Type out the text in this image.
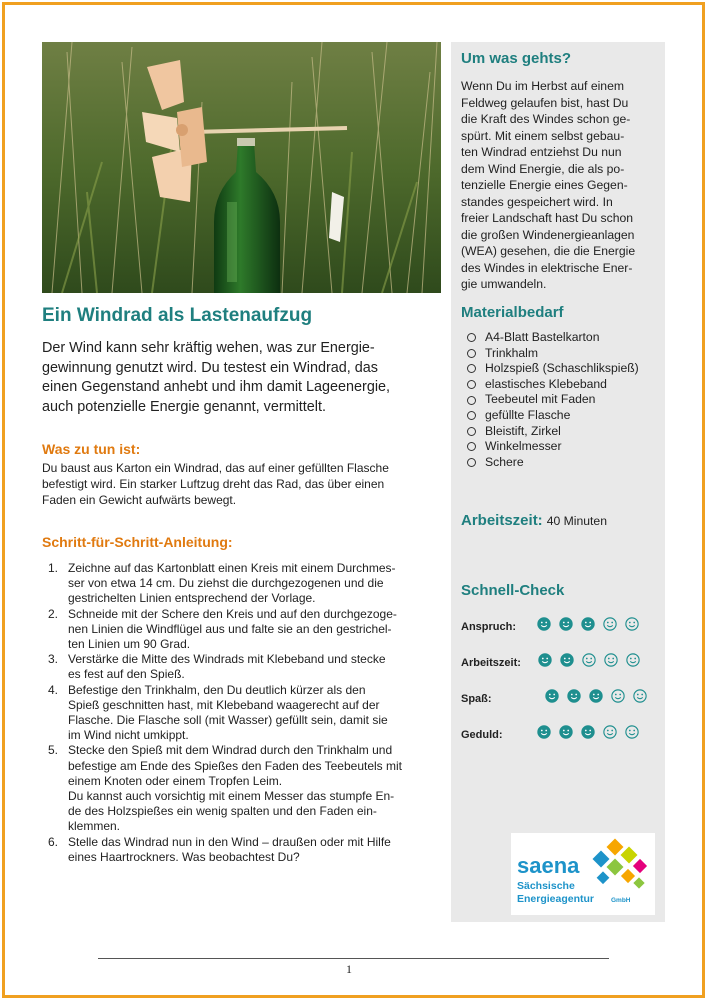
Um was gehts?
Wenn Du im Herbst auf einem
Feldweg gelaufen bist, hast Du
die Kraft des Windes schon ge-
spürt. Mit einem selbst gebau-
ten Windrad entziehst Du nun
dem Wind Energie, die als po-
tenzielle Energie eines Gegen-
standes gespeichert wird. In
freier Landschaft hast Du schon
die großen Windenergieanlagen
(WEA) gesehen, die die Energie
des Windes in elektrische Ener-
gie umwandeln.
Materialbedarf
A4-Blatt Bastelkarton
Trinkhalm
Holzspieß (Schaschlikspieß)
elastisches Klebeband
Teebeutel mit Faden
gefüllte Flasche
Bleistift, Zirkel
Winkelmesser
Schere
Arbeitszeit: 40 Minuten
Schnell-Check
Anspruch:
Arbeitszeit:
Spaß:
Geduld:
saena
Sächsische
Energieagentur	GmbH
Ein Windrad als Lastenaufzug
Der Wind kann sehr kräftig wehen, was zur Energie-
gewinnung genutzt wird. Du testest ein Windrad, das
einen Gegenstand anhebt und ihm damit Lageenergie,
auch potenzielle Energie genannt, vermittelt.
Was zu tun ist:
Du baust aus Karton ein Windrad, das auf einer gefüllten Flasche
befestigt wird. Ein starker Luftzug dreht das Rad, das über einen
Faden ein Gewicht aufwärts bewegt.
Schritt-für-Schritt-Anleitung:
1. Zeichne auf das Kartonblatt einen Kreis mit einem Durchmes-
ser von etwa 14 cm. Du ziehst die durchgezogenen und die
gestrichelten Linien entsprechend der Vorlage.
2. Schneide mit der Schere den Kreis und auf den durchgezoge-
nen Linien die Windflügel aus und falte sie an den gestrichel-
ten Linien um 90 Grad.
3. Verstärke die Mitte des Windrads mit Klebeband und stecke
es fest auf den Spieß.
4. Befestige den Trinkhalm, den Du deutlich kürzer als den
Spieß geschnitten hast, mit Klebeband waagerecht auf der
Flasche. Die Flasche soll (mit Wasser) gefüllt sein, damit sie
im Wind nicht umkippt.
5. Stecke den Spieß mit dem Windrad durch den Trinkhalm und
befestige am Ende des Spießes den Faden des Teebeutels mit
einem Knoten oder einem Tropfen Leim.
Du kannst auch vorsichtig mit einem Messer das stumpfe En-
de des Holzspießes ein wenig spalten und den Faden ein-
klemmen.
6. Stelle das Windrad nun in den Wind – draußen oder mit Hilfe
eines Haartrockners. Was beobachtest Du?
1
